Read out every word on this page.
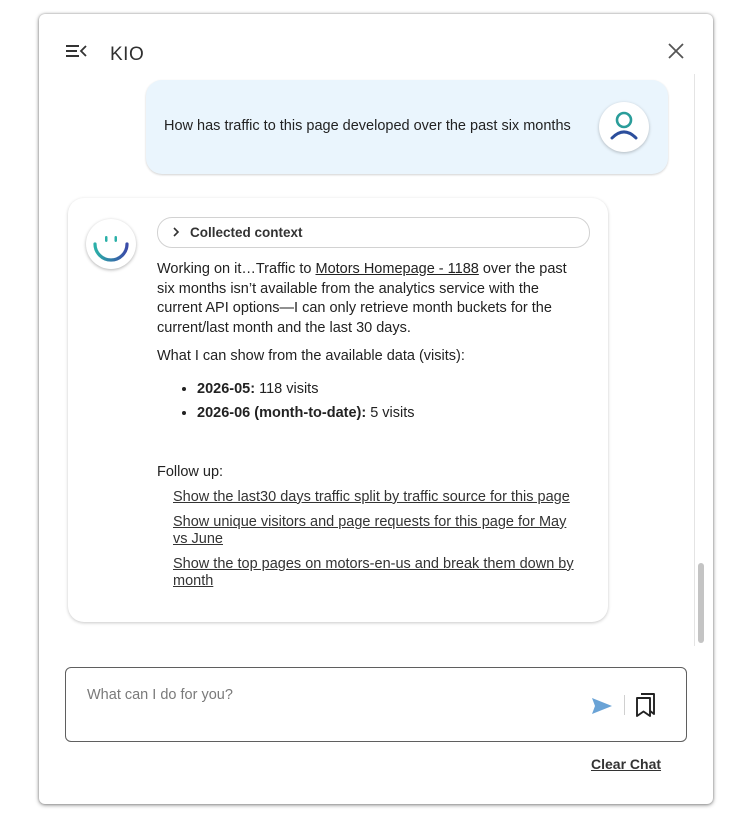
KIO
How has traffic to this page developed over the past six months
Collected context

Working on it…Traffic to Motors Homepage - 1188 over the past six months isn’t available from the analytics service with the current API options—I can only retrieve month buckets for the current/last month and the last 30 days.

What I can show from the available data (visits):

• 2026-05: 118 visits
• 2026-06 (month-to-date): 5 visits

Follow up:

Show the last30 days traffic split by traffic source for this page
Show unique visitors and page requests for this page for May vs June
Show the top pages on motors-en-us and break them down by month
What can I do for you?
Clear Chat
